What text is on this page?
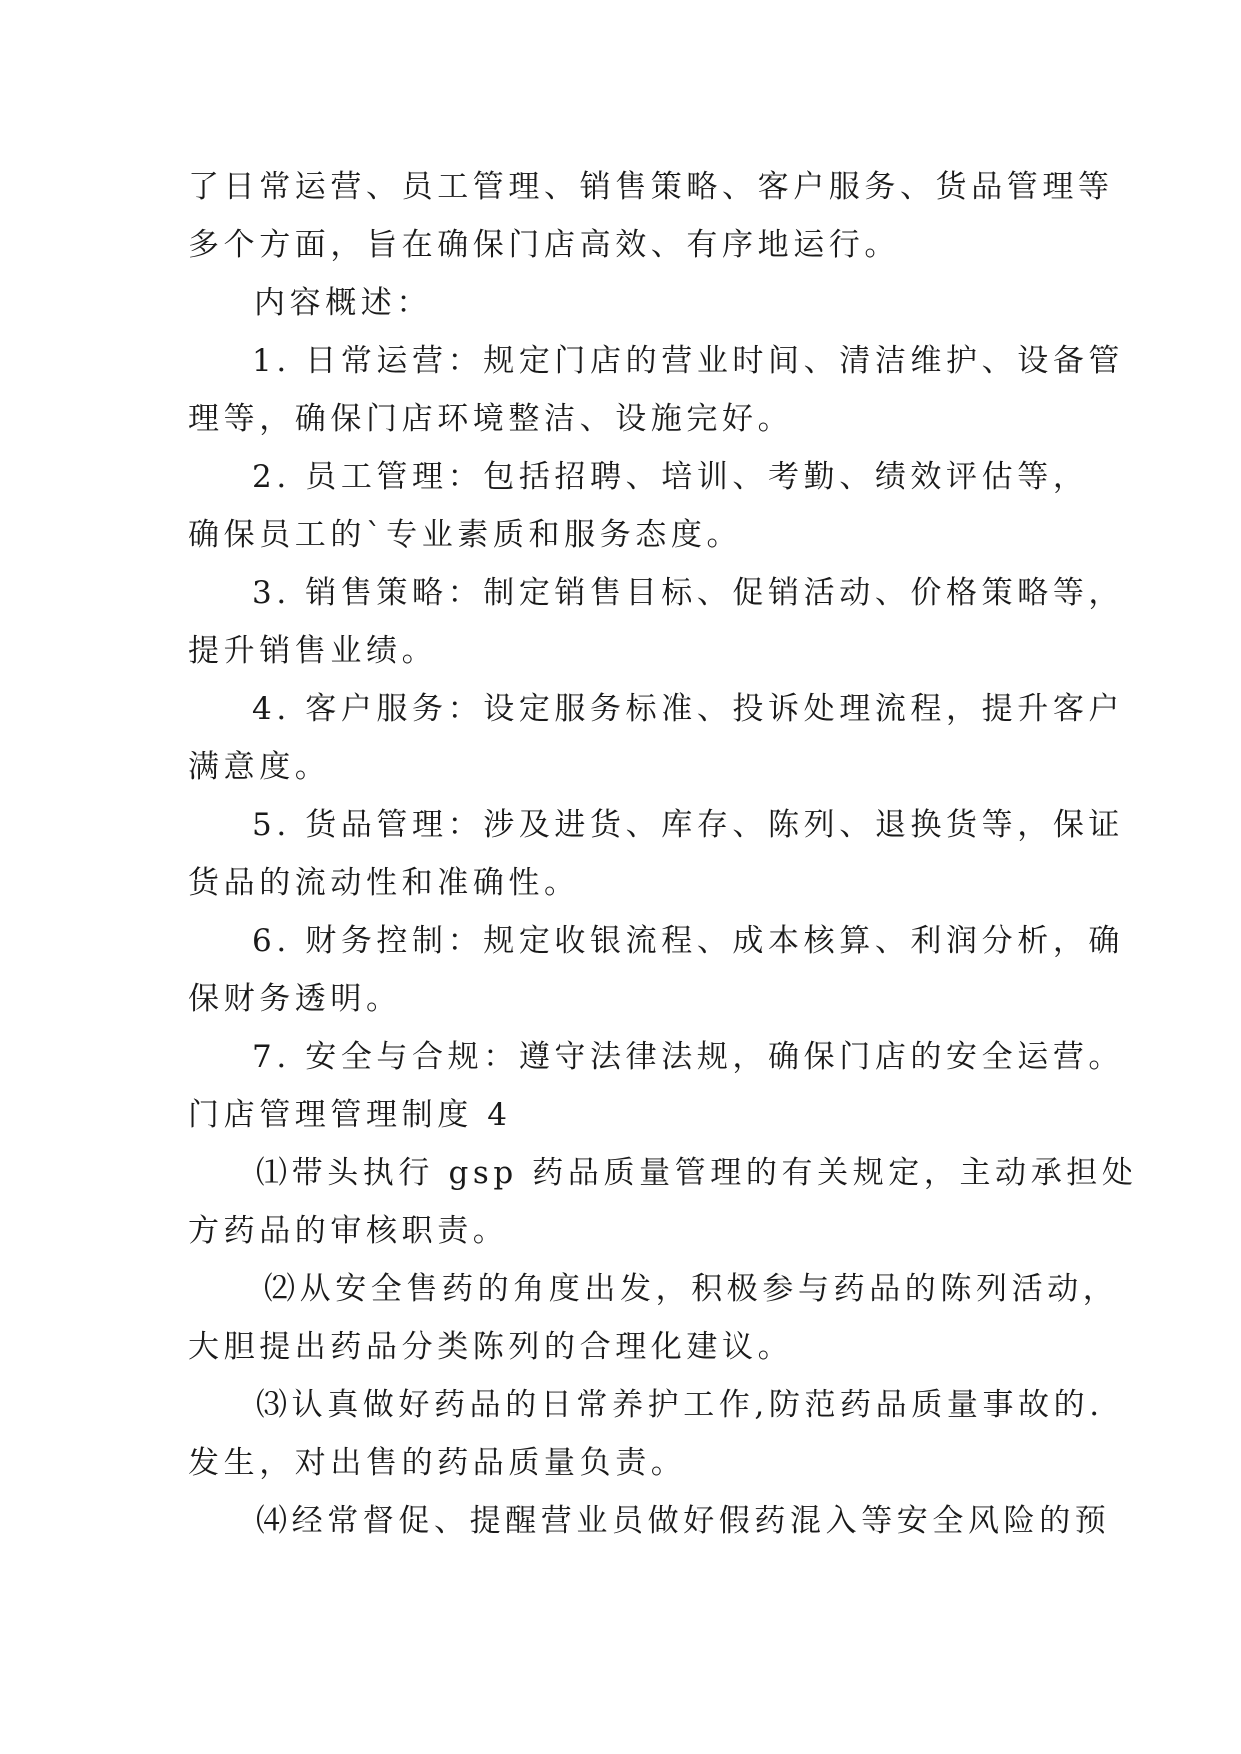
了日常运营、员工管理、销售策略、客户服务、货品管理等
多个方面，旨在确保门店高效、有序地运行。
内容概述：
1. 日常运营：规定门店的营业时间、清洁维护、设备管
理等，确保门店环境整洁、设施完好。
2. 员工管理：包括招聘、培训、考勤、绩效评估等，
确保员工的`专业素质和服务态度。
3. 销售策略：制定销售目标、促销活动、价格策略等，
提升销售业绩。
4. 客户服务：设定服务标准、投诉处理流程，提升客户
满意度。
5. 货品管理：涉及进货、库存、陈列、退换货等，保证
货品的流动性和准确性。
6. 财务控制：规定收银流程、成本核算、利润分析，确
保财务透明。
7. 安全与合规：遵守法律法规，确保门店的安全运营。
门店管理管理制度 4
⑴带头执行 gsp 药品质量管理的有关规定，主动承担处
方药品的审核职责。
⑵从安全售药的角度出发，积极参与药品的陈列活动，
大胆提出药品分类陈列的合理化建议。
⑶认真做好药品的日常养护工作,防范药品质量事故的.
发生，对出售的药品质量负责。
⑷经常督促、提醒营业员做好假药混入等安全风险的预
